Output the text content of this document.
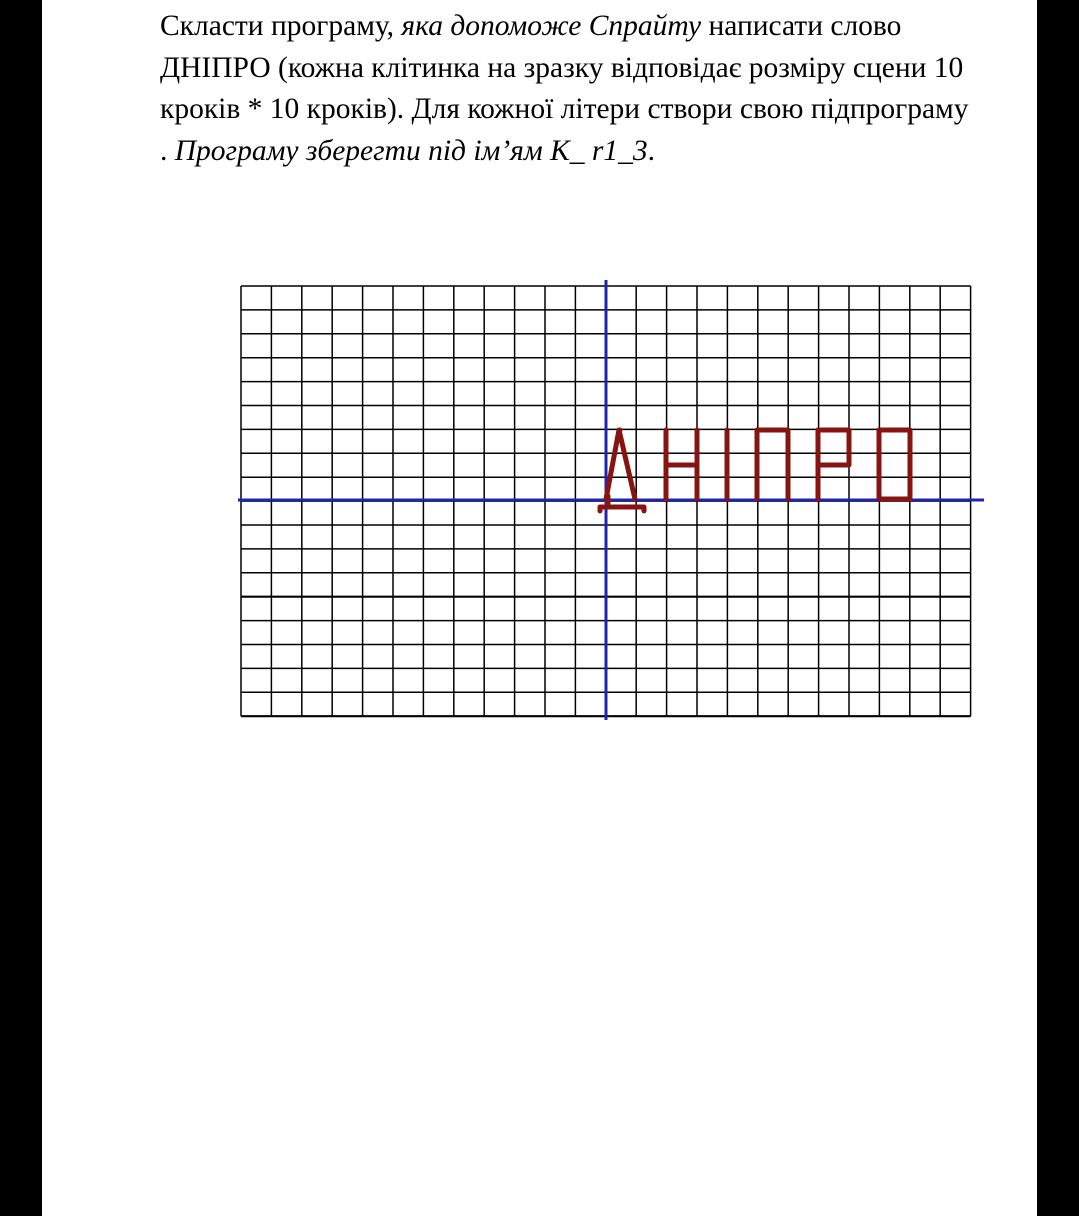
Скласти програму, яка допоможе Спрайту написати слово ДНІПРО (кожна клітинка на зразку відповідає розміру сцени 10 кроків * 10 кроків). Для кожної літери створи свою підпрограму . Програму зберегти під ім’ям K_ r1_3.
